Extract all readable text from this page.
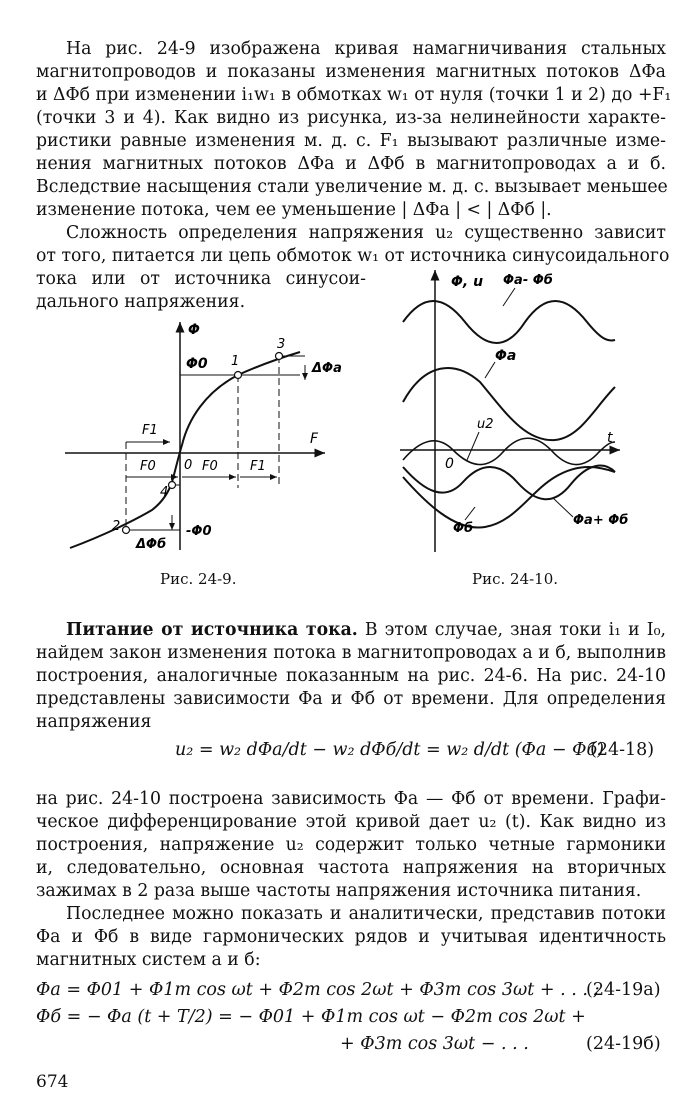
На рис. 24-9 изображена кривая намагничивания стальных
магнитопроводов и показаны изменения магнитных потоков ΔΦa
и ΔΦб при изменении i₁w₁ в обмотках w₁ от нуля (точки 1 и 2) до +F₁
(точки 3 и 4). Как видно из рисунка, из-за нелинейности характе-
ристики равные изменения м. д. с. F₁ вызывают различные изме-
нения магнитных потоков ΔΦa и ΔΦб в магнитопроводах a и б.
Вследствие насыщения стали увеличение м. д. с. вызывает меньшее
изменение потока, чем ее уменьшение | ΔΦa | < | ΔΦб |.
Сложность определения напряжения u₂ существенно зависит
от того, питается ли цепь обмоток w₁ от источника синусоидального
тока или от источника синусои-
дального напряжения.
Φ
F
Φ0 1
3
ΔΦa
F1
F0 0 F0 F1
4
2	-Φ0
ΔΦб
Рис. 24-9.
Φ, u
t
0
Φa- Φб
Φa
u2
Φa+ Φб
Φб
Рис. 24-10.
Питание от источника тока. В этом случае, зная токи i₁ и I₀,
найдем закон изменения потока в магнитопроводах a и б, выполнив
построения, аналогичные показанным на рис. 24-6. На рис. 24-10
представлены зависимости Φa и Φб от времени. Для определения
напряжения
u₂ = w₂ dΦa/dt − w₂ dΦб/dt = w₂ d/dt (Φa − Φб)
(24-18)
на рис. 24-10 построена зависимость Φa — Φб от времени. Графи-
ческое дифференцирование этой кривой дает u₂ (t). Как видно из
построения, напряжение u₂ содержит только четные гармоники
и, следовательно, основная частота напряжения на вторичных
зажимах в 2 раза выше частоты напряжения источника питания.
Последнее можно показать и аналитически, представив потоки
Φa и Φб в виде гармонических рядов и учитывая идентичность
магнитных систем a и б:
Φa = Φ01 + Φ1m cos ωt + Φ2m cos 2ωt + Φ3m cos 3ωt + . . . ;
(24-19a)
Φб = − Φa (t + T/2) = − Φ01 + Φ1m cos ωt − Φ2m cos 2ωt +
+ Φ3m cos 3ωt − . . .	(24-19б)
674
